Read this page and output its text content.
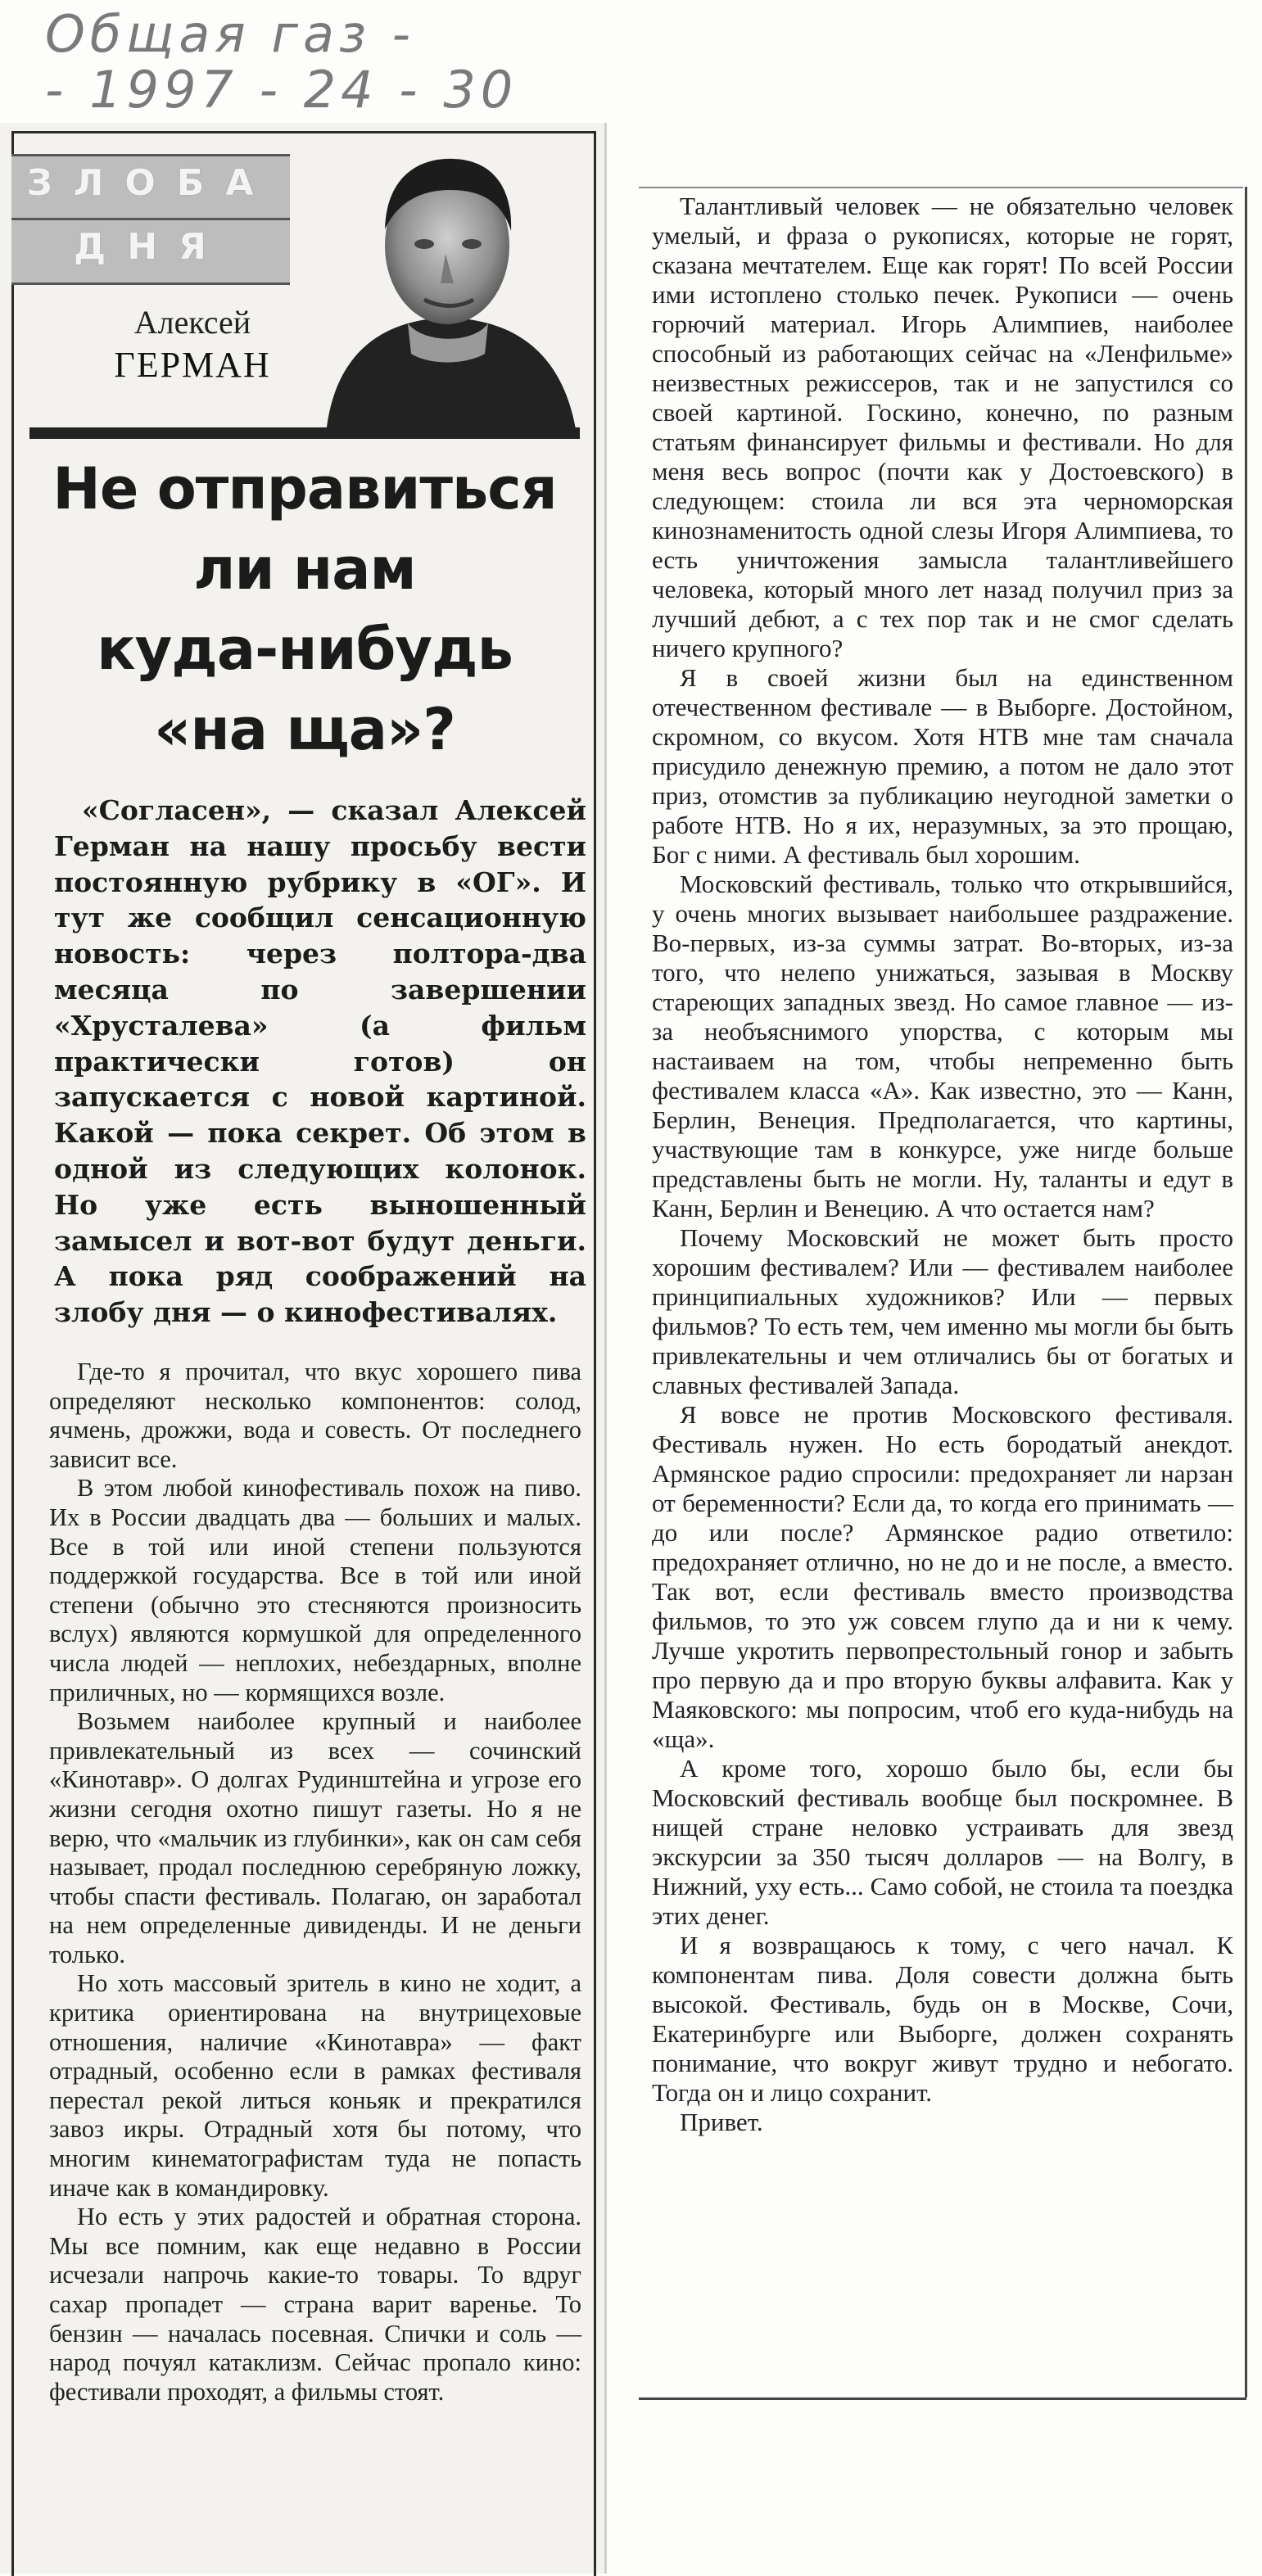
Общая газ -
- 1997 - 24 - 30
ЗЛОБА
ДНЯ
Алексей
ГЕРМАН
Не отправиться
ли нам
куда-нибудь
«на ща»?

«Согласен», — сказал Алексей Герман на нашу просьбу вести постоянную рубрику в «ОГ». И тут же сообщил сенсационную новость: через полтора-два месяца по завершении «Хрусталева» (а фильм практически готов) он запускается с новой картиной. Какой — пока секрет. Об этом в одной из следующих колонок. Но уже есть выношенный замысел и вот-вот будут деньги. А пока ряд соображений на злобу дня — о кинофестивалях.

Где-то я прочитал, что вкус хорошего пива определяют несколько компонентов: солод, ячмень, дрожжи, вода и совесть. От последнего зависит все.

В этом любой кинофестиваль похож на пиво. Их в России двадцать два — больших и малых. Все в той или иной степени пользуются поддержкой государства. Все в той или иной степени (обычно это стесняются произносить вслух) являются кормушкой для определенного числа людей — неплохих, небездарных, вполне приличных, но — кормящихся возле.

Возьмем наиболее крупный и наиболее привлекательный из всех — сочинский «Кинотавр». О долгах Рудинштейна и угрозе его жизни сегодня охотно пишут газеты. Но я не верю, что «мальчик из глубинки», как он сам себя называет, продал последнюю серебряную ложку, чтобы спасти фестиваль. Полагаю, он заработал на нем определенные дивиденды. И не деньги только.

Но хоть массовый зритель в кино не ходит, а критика ориентирована на внутрицеховые отношения, наличие «Кинотавра» — факт отрадный, особенно если в рамках фестиваля перестал рекой литься коньяк и прекратился завоз икры. Отрадный хотя бы потому, что многим кинематографистам туда не попасть иначе как в командировку.

Но есть у этих радостей и обратная сторона. Мы все помним, как еще недавно в России исчезали напрочь какие-то товары. То вдруг сахар пропадет — страна варит варенье. То бензин — началась посевная. Спички и соль — народ почуял катаклизм. Сейчас пропало кино: фестивали проходят, а фильмы стоят.

Талантливый человек — не обязательно человек умелый, и фраза о рукописях, которые не горят, сказана мечтателем. Еще как горят! По всей России ими истоплено столько печек. Рукописи — очень горючий материал. Игорь Алимпиев, наиболее способный из работающих сейчас на «Ленфильме» неизвестных режиссеров, так и не запустился со своей картиной. Госкино, конечно, по разным статьям финансирует фильмы и фестивали. Но для меня весь вопрос (почти как у Достоевского) в следующем: стоила ли вся эта черноморская кинознаменитость одной слезы Игоря Алимпиева, то есть уничтожения замысла талантливейшего человека, который много лет назад получил приз за лучший дебют, а с тех пор так и не смог сделать ничего крупного?

Я в своей жизни был на единственном отечественном фестивале — в Выборге. Достойном, скромном, со вкусом. Хотя НТВ мне там сначала присудило денежную премию, а потом не дало этот приз, отомстив за публикацию неугодной заметки о работе НТВ. Но я их, неразумных, за это прощаю, Бог с ними. А фестиваль был хорошим.

Московский фестиваль, только что открывшийся, у очень многих вызывает наибольшее раздражение. Во-первых, из-за суммы затрат. Во-вторых, из-за того, что нелепо унижаться, зазывая в Москву стареющих западных звезд. Но самое главное — из-за необъяснимого упорства, с которым мы настаиваем на том, чтобы непременно быть фестивалем класса «А». Как известно, это — Канн, Берлин, Венеция. Предполагается, что картины, участвующие там в конкурсе, уже нигде больше представлены быть не могли. Ну, таланты и едут в Канн, Берлин и Венецию. А что остается нам?

Почему Московский не может быть просто хорошим фестивалем? Или — фестивалем наиболее принципиальных художников? Или — первых фильмов? То есть тем, чем именно мы могли бы быть привлекательны и чем отличались бы от богатых и славных фестивалей Запада.

Я вовсе не против Московского фестиваля. Фестиваль нужен. Но есть бородатый анекдот. Армянское радио спросили: предохраняет ли нарзан от беременности? Если да, то когда его принимать — до или после? Армянское радио ответило: предохраняет отлично, но не до и не после, а вместо. Так вот, если фестиваль вместо производства фильмов, то это уж совсем глупо да и ни к чему. Лучше укротить первопрестольный гонор и забыть про первую да и про вторую буквы алфавита. Как у Маяковского: мы попросим, чтоб его куда-нибудь на «ща».

А кроме того, хорошо было бы, если бы Московский фестиваль вообще был поскромнее. В нищей стране неловко устраивать для звезд экскурсии за 350 тысяч долларов — на Волгу, в Нижний, уху есть... Само собой, не стоила та поездка этих денег.

И я возвращаюсь к тому, с чего начал. К компонентам пива. Доля совести должна быть высокой. Фестиваль, будь он в Москве, Сочи, Екатеринбурге или Выборге, должен сохранять понимание, что вокруг живут трудно и небогато. Тогда он и лицо сохранит.

Привет.
